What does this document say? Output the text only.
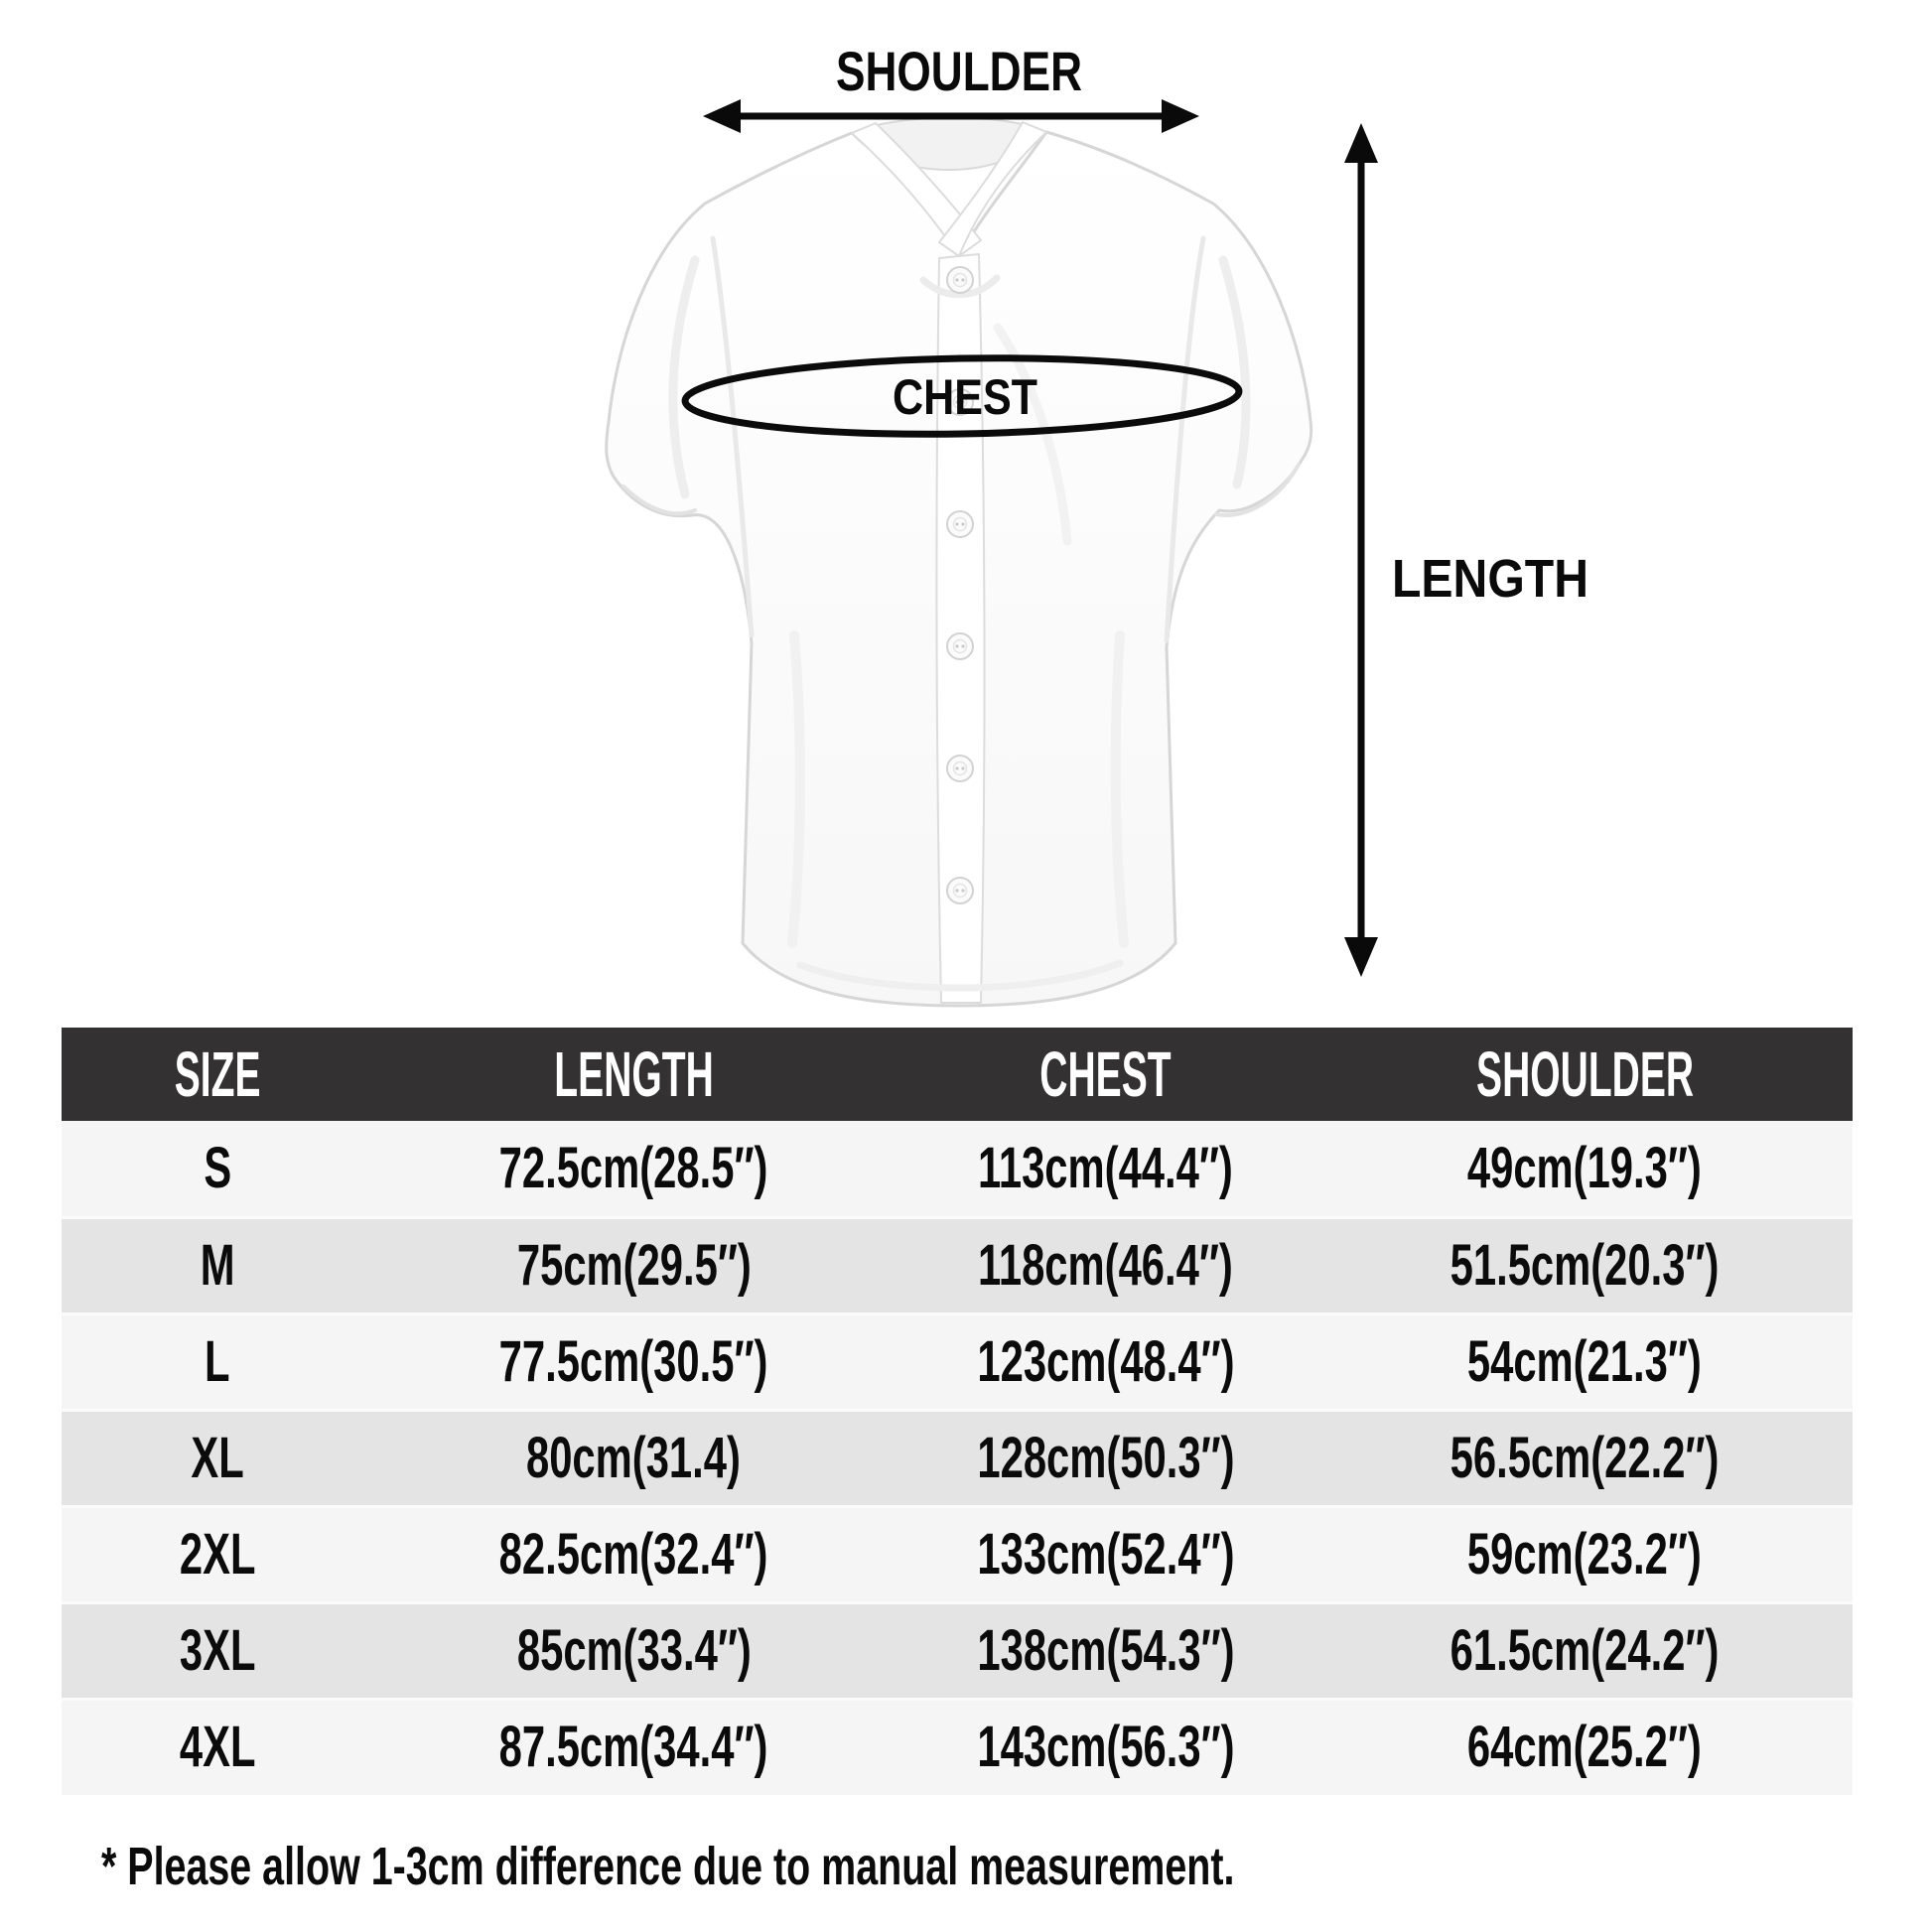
SHOULDER
CHEST
LENGTH
SIZE	LENGTH	CHEST	SHOULDER
S	72.5cm(28.5″)	113cm(44.4″)	49cm(19.3″)
M	75cm(29.5″)	118cm(46.4″)	51.5cm(20.3″)
L	77.5cm(30.5″)	123cm(48.4″)	54cm(21.3″)
XL	80cm(31.4)	128cm(50.3″)	56.5cm(22.2″)
2XL	82.5cm(32.4″)	133cm(52.4″)	59cm(23.2″)
3XL	85cm(33.4″)	138cm(54.3″)	61.5cm(24.2″)
4XL	87.5cm(34.4″)	143cm(56.3″)	64cm(25.2″)
* Please allow 1-3cm difference due to manual measurement.
